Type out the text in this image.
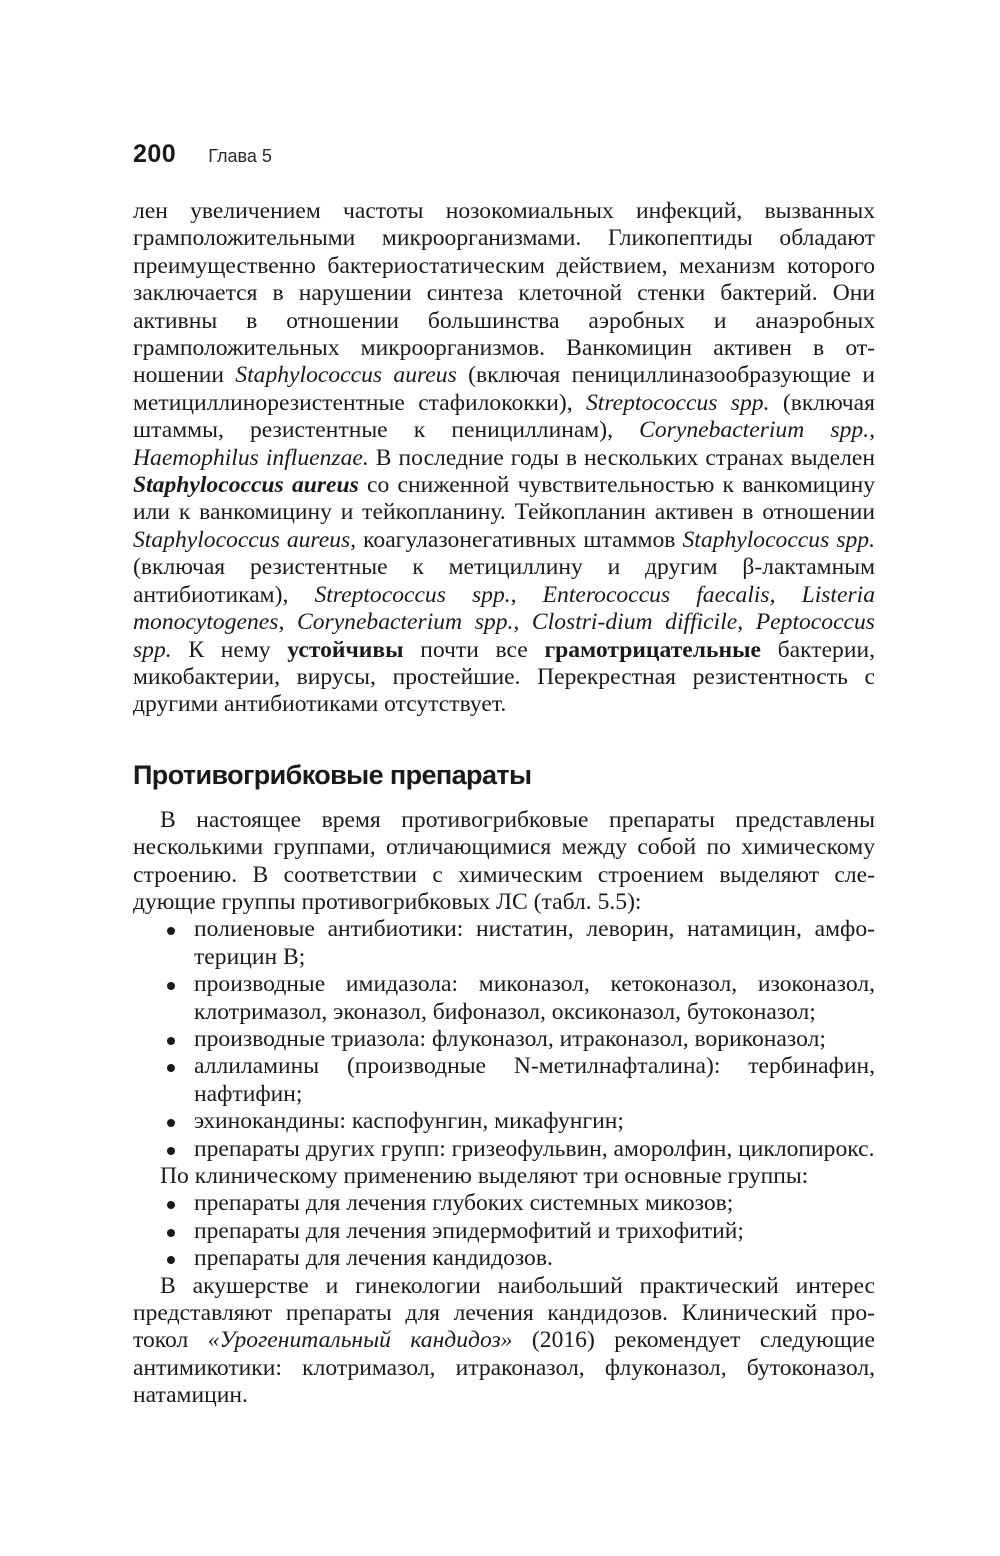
200 Глава 5

лен увеличением частоты нозокомиальных инфекций, вызванных грамположительными микроорганизмами. Гликопептиды обладают преимущественно бактериостатическим действием, механизм которого заключается в нарушении синтеза клеточной стенки бактерий. Они активны в отношении большинства аэробных и анаэробных грамположительных микроорганизмов. Ванкомицин активен в отношении Staphylococcus aureus (включая пенициллиназообразующие и метициллинорезистентные стафилококки), Streptococcus spp. (включая штаммы, резистентные к пенициллинам), Corynebacterium spp., Haemophilus influenzae. В последние годы в нескольких странах выделен Staphylococcus aureus со сниженной чувствительностью к ванкомицину или к ванкомицину и тейкопланину. Тейкопланин активен в отношении Staphylococcus aureus, коагулазонегативных штаммов Staphylococcus spp. (включая резистентные к метициллину и другим β-лактамным антибиотикам), Streptococcus spp., Enterococcus faecalis, Listeria monocytogenes, Corynebacterium spp., Clostri-dium difficile, Peptococcus spp. К нему устойчивы почти все грамотрицательные бактерии, микобактерии, вирусы, простейшие. Перекрестная резистентность с другими антибиотиками отсутствует.

Противогрибковые препараты

В настоящее время противогрибковые препараты представлены несколькими группами, отличающимися между собой по химическому строению. В соответствии с химическим строением выделяют следующие группы противогрибковых ЛС (табл. 5.5):

полиеновые антибиотики: нистатин, леворин, натамицин, амфотерицин В;
производные имидазола: миконазол, кетоконазол, изоконазол, клотримазол, эконазол, бифоназол, оксиконазол, бутоконазол;
производные триазола: флуконазол, итраконазол, вориконазол;
аллиламины (производные N-метилнафталина): тербинафин, нафтифин;
эхинокандины: каспофунгин, микафунгин;
препараты других групп: гризеофульвин, аморолфин, циклопирокс.

По клиническому применению выделяют три основные группы:

препараты для лечения глубоких системных микозов;
препараты для лечения эпидермофитий и трихофитий;
препараты для лечения кандидозов.

В акушерстве и гинекологии наибольший практический интерес представляют препараты для лечения кандидозов. Клинический протокол «Урогенитальный кандидоз» (2016) рекомендует следующие антимикотики: клотримазол, итраконазол, флуконазол, бутоконазол, натамицин.
